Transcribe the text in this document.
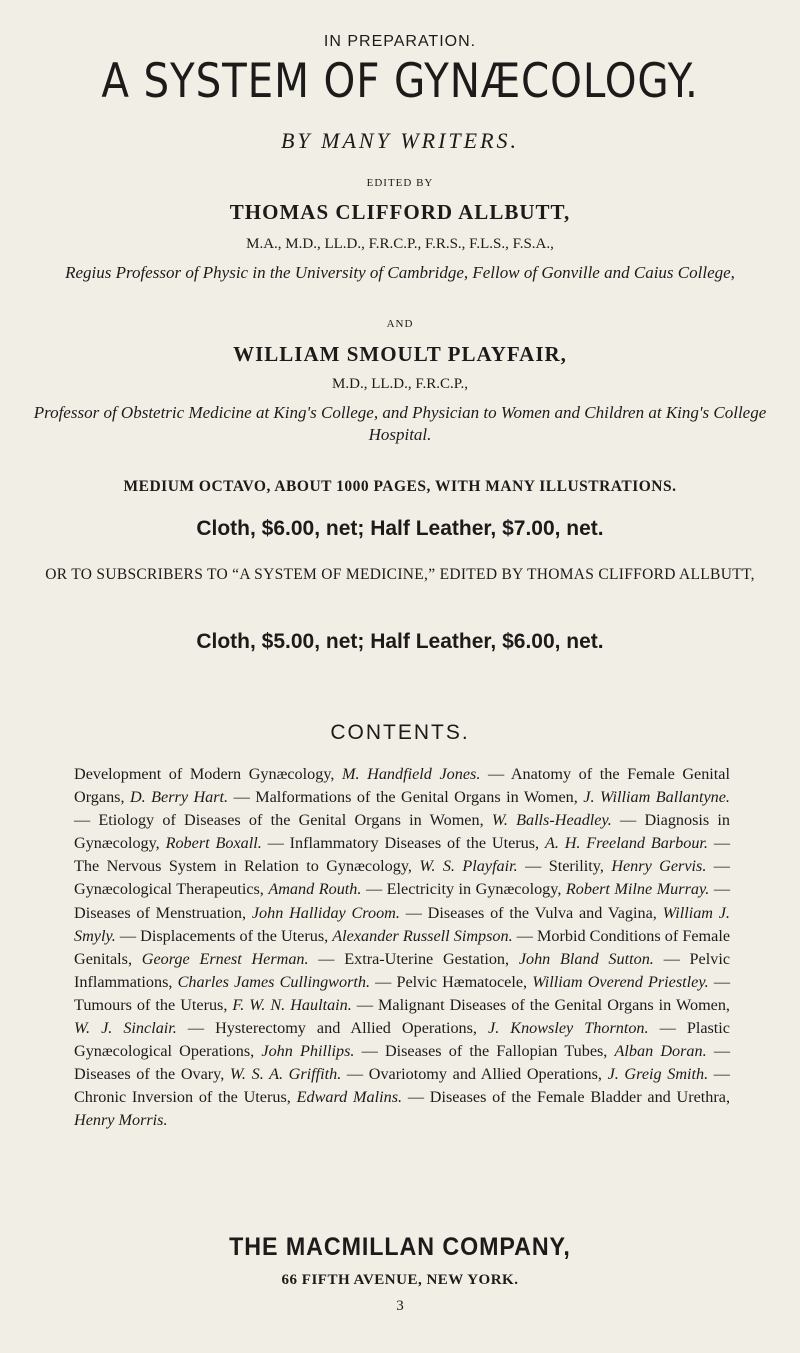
IN PREPARATION.
A SYSTEM OF GYNÆCOLOGY.
BY MANY WRITERS.
EDITED BY
THOMAS CLIFFORD ALLBUTT,
M.A., M.D., LL.D., F.R.C.P., F.R.S., F.L.S., F.S.A.,
Regius Professor of Physic in the University of Cambridge, Fellow of Gonville and Caius College,
AND
WILLIAM SMOULT PLAYFAIR,
M.D., LL.D., F.R.C.P.,
Professor of Obstetric Medicine at King's College, and Physician to Women and Children at King's College Hospital.
MEDIUM OCTAVO, ABOUT 1000 PAGES, WITH MANY ILLUSTRATIONS.
Cloth, $6.00, net; Half Leather, $7.00, net.
OR TO SUBSCRIBERS TO “A SYSTEM OF MEDICINE,” EDITED BY THOMAS CLIFFORD ALLBUTT,
Cloth, $5.00, net; Half Leather, $6.00, net.
CONTENTS.
Development of Modern Gynæcology, M. Handfield Jones. — Anatomy of the Female Genital Organs, D. Berry Hart. — Malformations of the Genital Organs in Women, J. William Ballantyne. — Etiology of Diseases of the Genital Organs in Women, W. Balls-Headley. — Diagnosis in Gynæcology, Robert Boxall. — Inflammatory Diseases of the Uterus, A. H. Freeland Barbour. — The Nervous System in Relation to Gynæcology, W. S. Playfair. — Sterility, Henry Gervis. — Gynæcological Therapeutics, Amand Routh. — Electricity in Gynæcology, Robert Milne Murray. — Diseases of Menstruation, John Halliday Croom. — Diseases of the Vulva and Vagina, William J. Smyly. — Displacements of the Uterus, Alexander Russell Simpson. — Morbid Conditions of Female Genitals, George Ernest Herman. — Extra-Uterine Gestation, John Bland Sutton. — Pelvic Inflammations, Charles James Cullingworth. — Pelvic Hæmatocele, William Overend Priestley. — Tumours of the Uterus, F. W. N. Haultain. — Malignant Diseases of the Genital Organs in Women, W. J. Sinclair. — Hysterectomy and Allied Operations, J. Knowsley Thornton. — Plastic Gynæcological Operations, John Phillips. — Diseases of the Fallopian Tubes, Alban Doran. — Diseases of the Ovary, W. S. A. Griffith. — Ovariotomy and Allied Operations, J. Greig Smith. — Chronic Inversion of the Uterus, Edward Malins. — Diseases of the Female Bladder and Urethra, Henry Morris.
THE MACMILLAN COMPANY,
66 FIFTH AVENUE, NEW YORK.
3
